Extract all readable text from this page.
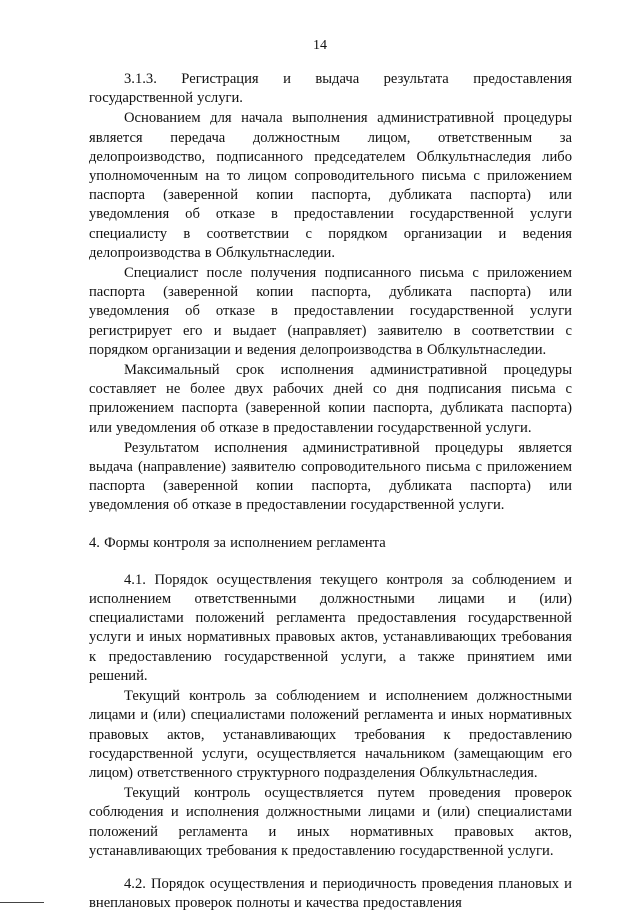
14

3.1.3. Регистрация и выдача результата предоставления государственной услуги.

Основанием для начала выполнения административной процедуры является передача должностным лицом, ответственным за делопроизводство, подписанного председателем Облкультнаследия либо уполномоченным на то лицом сопроводительного письма с приложением паспорта (заверенной копии паспорта, дубликата паспорта) или уведомления об отказе в предоставлении государственной услуги специалисту в соответствии с порядком организации и ведения делопроизводства в Облкультнаследии.

Специалист после получения подписанного письма с приложением паспорта (заверенной копии паспорта, дубликата паспорта) или уведомления об отказе в предоставлении государственной услуги регистрирует его и выдает (направляет) заявителю в соответствии с порядком организации и ведения делопроизводства в Облкультнаследии.

Максимальный срок исполнения административной процедуры составляет не более двух рабочих дней со дня подписания письма с приложением паспорта (заверенной копии паспорта, дубликата паспорта) или уведомления об отказе в предоставлении государственной услуги.

Результатом исполнения административной процедуры является выдача (направление) заявителю сопроводительного письма с приложением паспорта (заверенной копии паспорта, дубликата паспорта) или уведомления об отказе в предоставлении государственной услуги.

4. Формы контроля за исполнением регламента

4.1. Порядок осуществления текущего контроля за соблюдением и исполнением ответственными должностными лицами и (или) специалистами положений регламента предоставления государственной услуги и иных нормативных правовых актов, устанавливающих требования к предоставлению государственной услуги, а также принятием ими решений.

Текущий контроль за соблюдением и исполнением должностными лицами и (или) специалистами положений регламента и иных нормативных правовых актов, устанавливающих требования к предоставлению государственной услуги, осуществляется начальником (замещающим его лицом) ответственного структурного подразделения Облкультнаследия.

Текущий контроль осуществляется путем проведения проверок соблюдения и исполнения должностными лицами и (или) специалистами положений регламента и иных нормативных правовых актов, устанавливающих требования к предоставлению государственной услуги.

4.2. Порядок осуществления и периодичность проведения плановых и внеплановых проверок полноты и качества предоставления
